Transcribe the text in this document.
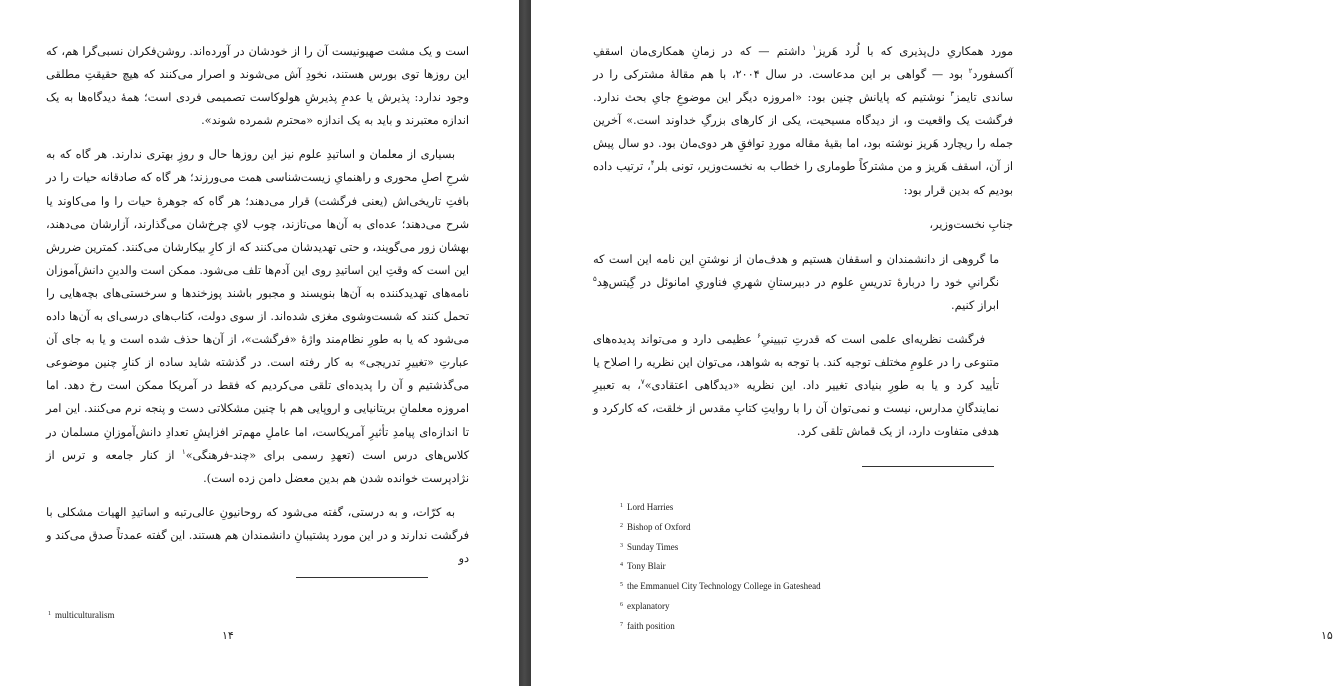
است و یک مشت صهیونیست آن را از خودشان در آورده‌اند. روشن‌فکران نسبی‌گرا هم، که این روزها توی بورس هستند، نخودِ آش می‌شوند و اصرار می‌کنند که هیچ حقیقتِ مطلقی وجود ندارد: پذیرش یا عدمِ پذیرشِ هولوکاست تصمیمی فردی است؛ همهٔ دیدگاه‌ها به یک اندازه معتبرند و باید به یک اندازه «محترم شمرده شوند».

بسیاری از معلمان و اساتیدِ علوم نیز این روزها حال و روزِ بهتری ندارند. هر گاه که به شرحِ اصلِ محوری و راهنمایِ زیست‌شناسی همت می‌ورزند؛ هر گاه که صادقانه حیات را در بافتِ تاریخی‌اش (یعنی فرگشت) قرار می‌دهند؛ هر گاه که جوهرهٔ حیات را وا می‌کاوند یا شرح می‌دهند؛ عده‌ای به آن‌ها می‌تازند، چوب لایِ چرخ‌شان می‌گذارند، آزارشان می‌دهند، بهشان زور می‌گویند، و حتی تهدیدشان می‌کنند که از کارِ بیکارشان می‌کنند. کمترین ضررش این است که وقتِ این اساتیدِ روی این آدم‌ها تلف می‌شود. ممکن است والدینِ دانش‌آموزان نامه‌های تهدیدکننده به آن‌ها بنویسند و مجبور باشند پوزخندها و سرخستی‌های بچه‌هایی را تحمل کنند که شست‌وشوی مغزی شده‌اند. از سوی دولت، کتاب‌های درسی‌ای به آن‌ها داده می‌شود که یا به طورِ نظام‌مند واژهٔ «فرگشت»، از آن‌ها حذف شده است و یا به جای آن عبارتِ «تغییرِ تدریجی» به کار رفته است. در گذشته شاید ساده از کنارِ چنین موضوعی می‌گذشتیم و آن را پدیده‌ای تلقی می‌کردیم که فقط در آمریکا ممکن است رخ دهد. اما امروزه معلمانِ بریتانیایی و اروپایی هم با چنین مشکلاتی دست و پنجه نرم می‌کنند. این امر تا اندازه‌ای پیامدِ تأثیرِ آمریکاست، اما عاملِ مهم‌تر افزایشِ تعدادِ دانش‌آموزانِ مسلمان در کلاس‌های درس است (تعهدِ رسمی برای «چند-فرهنگی»$^۱$ از کنار جامعه و ترس از نژادپرست خوانده شدن هم بدین معضل دامن زده است).

به کرّات، و به درستی، گفته می‌شود که روحانیونِ عالی‌رتبه و اساتیدِ الهیات مشکلی با فرگشت ندارند و در این مورد پشتیبانِ دانشمندان هم هستند. این گفته عمدتاً صدق می‌کند و دو

$^1$ multiculturalism
۱۴

مورد همکاریِ دل‌پذیری که با لُرد هَریز$^۱$ داشتم — که در زمانِ همکاری‌مان اسقفِ آکسفورد$^۲$ بود — گواهی بر این مدعاست. در سال ۲۰۰۴، با هم مقالهٔ مشترکی را در ساندی تایمز$^۳$ نوشتیم که پایانش چنین بود: «امروزه دیگر این موضوعِ جایِ بحث ندارد. فرگشت یک واقعیت و، از دیدگاه مسیحیت، یکی از کارهای بزرگِ خداوند است.» آخرین جمله را ریچارد هَریز نوشته بود، اما بقیهٔ مقاله موردِ توافقِ هر دوی‌مان بود. دو سال پیش از آن، اسقف هَریز و من مشترکاً طوماری را خطاب به نخست‌وزیر، تونی بلر$^۴$، ترتیب داده بودیم که بدین قرار بود:

جنابِ نخست‌وزیر،

ما گروهی از دانشمندان و اسقفان هستیم و هدف‌مان از نوشتنِ این نامه این است که نگرانیِ خود را دربارهٔ تدریسِ علوم در دبیرستانِ شهریِ فناوریِ امانوئل در گِیتس‌هِد$^۵$ ابراز کنیم.

فرگشت نظریه‌ای علمی است که قدرتِ تبیینیِ$^۶$ عظیمی دارد و می‌تواند پدیده‌های متنوعی را در علومِ مختلف توجیه کند. با توجه به شواهد، می‌توان این نظریه را اصلاح یا تأیید کرد و یا به طورِ بنیادی تغییر داد. این نظریه «دیدگاهی اعتقادی»$^۷$، به تعبیرِ نمایندگانِ مدارس، نیست و نمی‌توان آن را با روایتِ کتابِ مقدس از خلقت، که کارکرد و هدفی متفاوت دارد، از یک قماش تلقی کرد.

$^1$ Lord Harries
$^2$ Bishop of Oxford
$^3$ Sunday Times
$^4$ Tony Blair
$^5$ the Emmanuel City Technology College in Gateshead
$^6$ explanatory
$^7$ faith position
۱۵
